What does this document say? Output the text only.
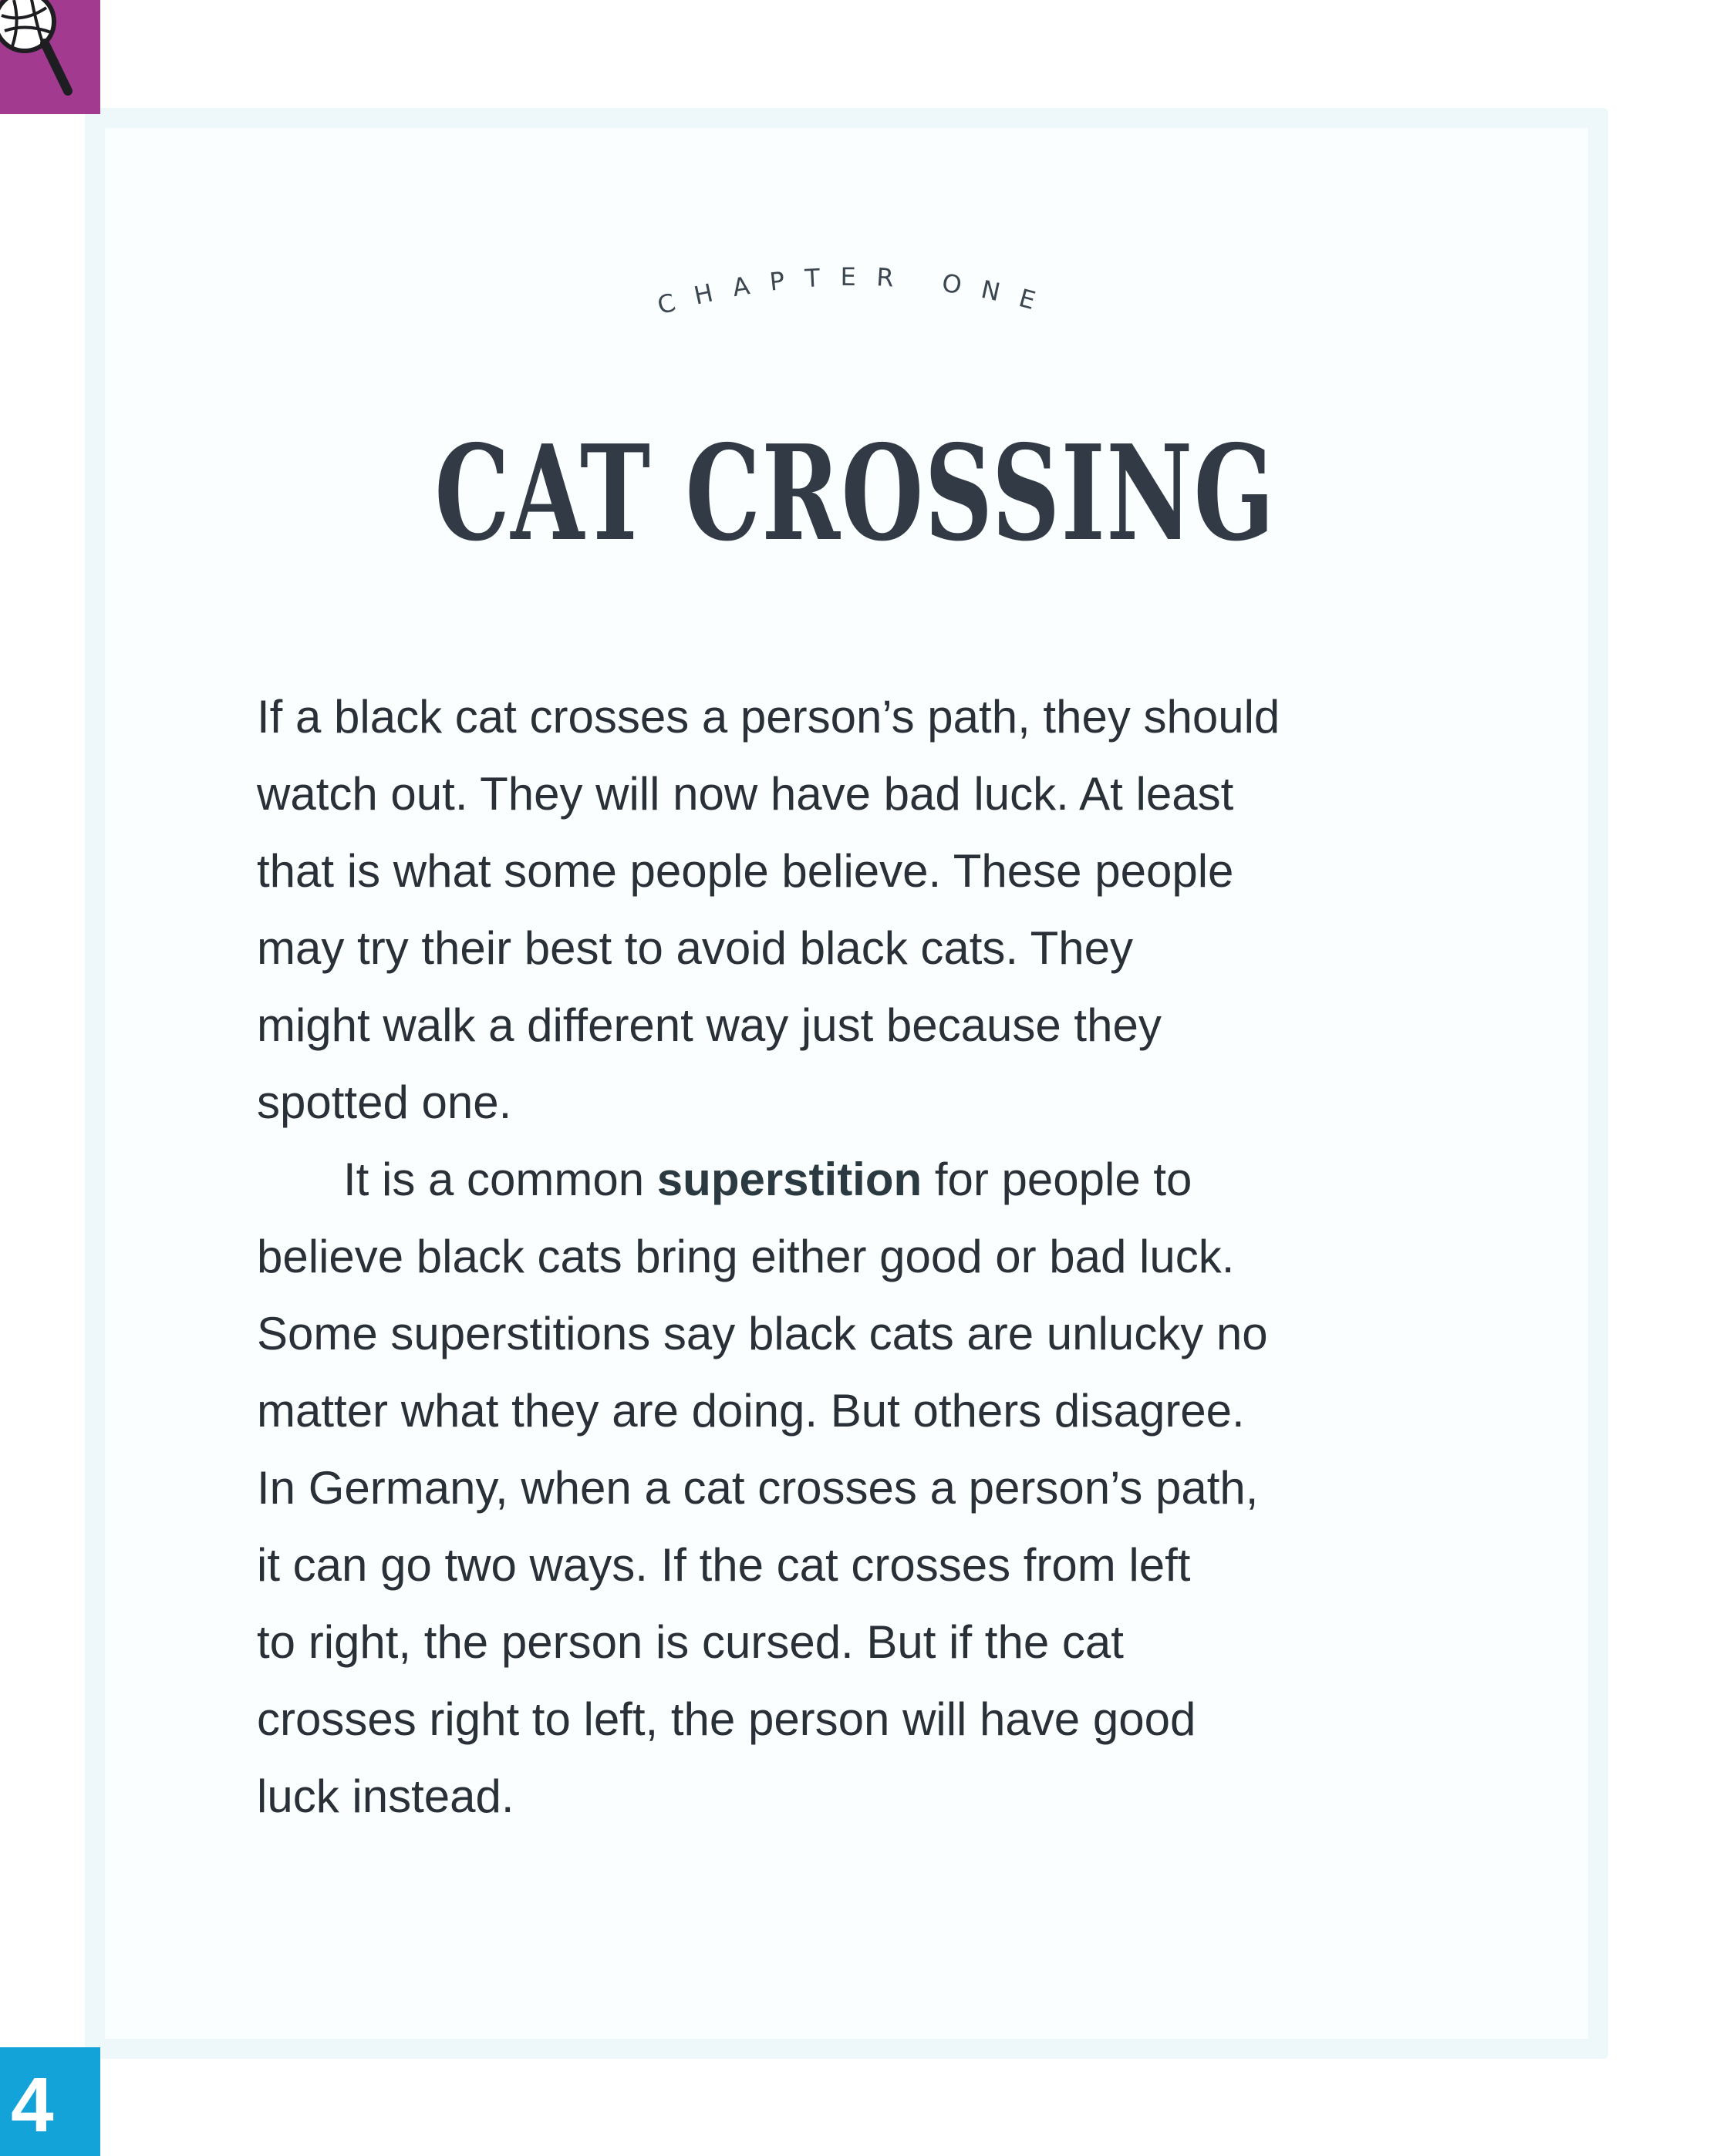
CHAPTER ONE
CAT CROSSING

If a black cat crosses a person’s path, they should
watch out. They will now have bad luck. At least
that is what some people believe. These people
may try their best to avoid black cats. They
might walk a different way just because they
spotted one.

It is a common superstition for people to
believe black cats bring either good or bad luck.
Some superstitions say black cats are unlucky no
matter what they are doing. But others disagree.
In Germany, when a cat crosses a person’s path,
it can go two ways. If the cat crosses from left
to right, the person is cursed. But if the cat
crosses right to left, the person will have good
luck instead.

4
